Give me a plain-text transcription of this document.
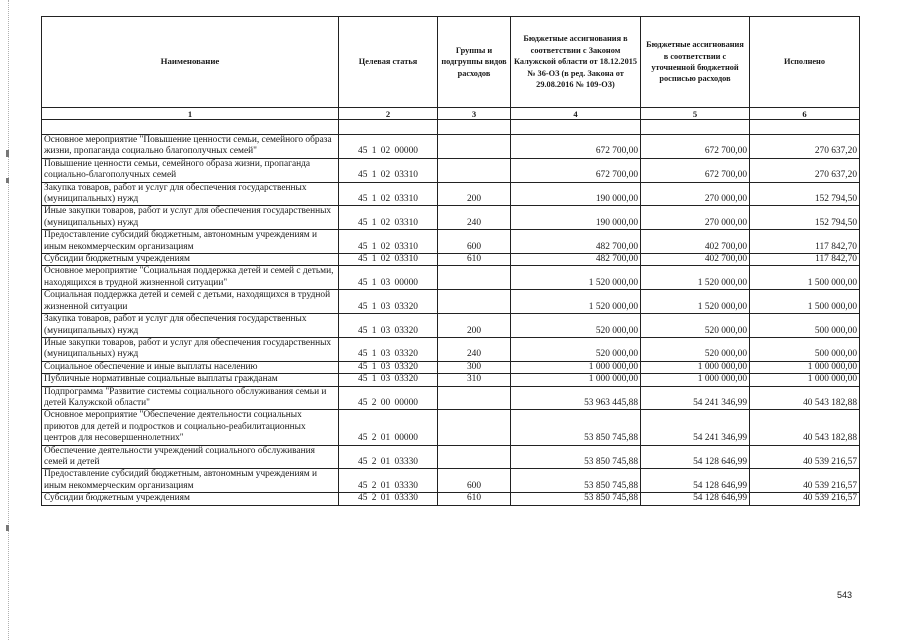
Наименование	Целевая статья	Группы и подгруппы видов расходов	Бюджетные ассигнования в соответствии с Законом Калужской области от 18.12.2015 № 36-ОЗ (в ред. Закона от 29.08.2016 № 109-ОЗ)	Бюджетные ассигнования в соответствии с уточненной бюджетной росписью расходов	Исполнено
1	2	3	4	5	6

Основное мероприятие "Повышение ценности семьи, семейного образа жизни, пропаганда социально благополучных семей"	45 1 02 00000		672 700,00	672 700,00	270 637,20
Повышение ценности семьи, семейного образа жизни, пропаганда социально-благополучных семей	45 1 02 03310		672 700,00	672 700,00	270 637,20
Закупка товаров, работ и услуг для обеспечения государственных (муниципальных) нужд	45 1 02 03310	200	190 000,00	270 000,00	152 794,50
Иные закупки товаров, работ и услуг для обеспечения государственных (муниципальных) нужд	45 1 02 03310	240	190 000,00	270 000,00	152 794,50
Предоставление субсидий бюджетным, автономным учреждениям и иным некоммерческим организациям	45 1 02 03310	600	482 700,00	402 700,00	117 842,70
Субсидии бюджетным учреждениям	45 1 02 03310	610	482 700,00	402 700,00	117 842,70
Основное мероприятие "Социальная поддержка детей и семей с детьми, находящихся в трудной жизненной ситуации"	45 1 03 00000		1 520 000,00	1 520 000,00	1 500 000,00
Социальная поддержка детей и семей с детьми, находящихся в трудной жизненной ситуации	45 1 03 03320		1 520 000,00	1 520 000,00	1 500 000,00
Закупка товаров, работ и услуг для обеспечения государственных (муниципальных) нужд	45 1 03 03320	200	520 000,00	520 000,00	500 000,00
Иные закупки товаров, работ и услуг для обеспечения государственных (муниципальных) нужд	45 1 03 03320	240	520 000,00	520 000,00	500 000,00
Социальное обеспечение и иные выплаты населению	45 1 03 03320	300	1 000 000,00	1 000 000,00	1 000 000,00
Публичные нормативные социальные выплаты гражданам	45 1 03 03320	310	1 000 000,00	1 000 000,00	1 000 000,00
Подпрограмма "Развитие системы социального обслуживания семьи и детей Калужской области"	45 2 00 00000		53 963 445,88	54 241 346,99	40 543 182,88
Основное мероприятие "Обеспечение деятельности социальных приютов для детей и подростков и социально-реабилитационных центров для несовершеннолетних"	45 2 01 00000		53 850 745,88	54 241 346,99	40 543 182,88
Обеспечение деятельности учреждений социального обслуживания семей и детей	45 2 01 03330		53 850 745,88	54 128 646,99	40 539 216,57
Предоставление субсидий бюджетным, автономным учреждениям и иным некоммерческим организациям	45 2 01 03330	600	53 850 745,88	54 128 646,99	40 539 216,57
Субсидии бюджетным учреждениям	45 2 01 03330	610	53 850 745,88	54 128 646,99	40 539 216,57
543
